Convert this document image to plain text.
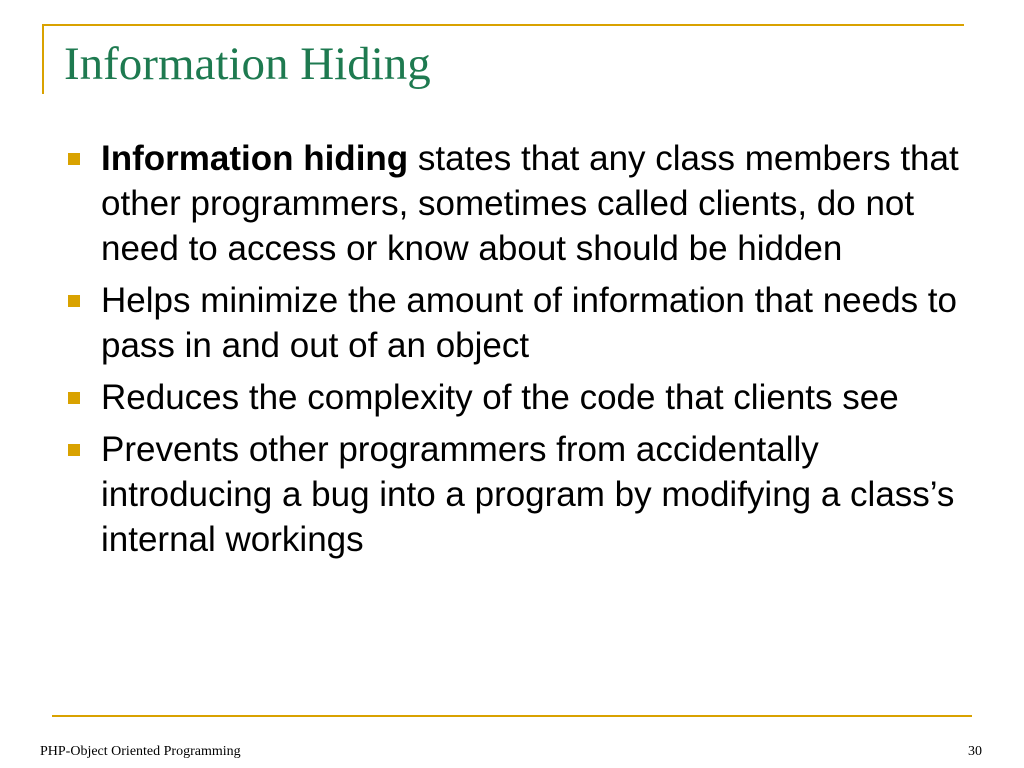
Information Hiding
Information hiding states that any class members that other programmers, sometimes called clients, do not need to access or know about should be hidden
Helps minimize the amount of information that needs to pass in and out of an object
Reduces the complexity of the code that clients see
Prevents other programmers from accidentally introducing a bug into a program by modifying a class’s internal workings
PHP-Object Oriented Programming	30
